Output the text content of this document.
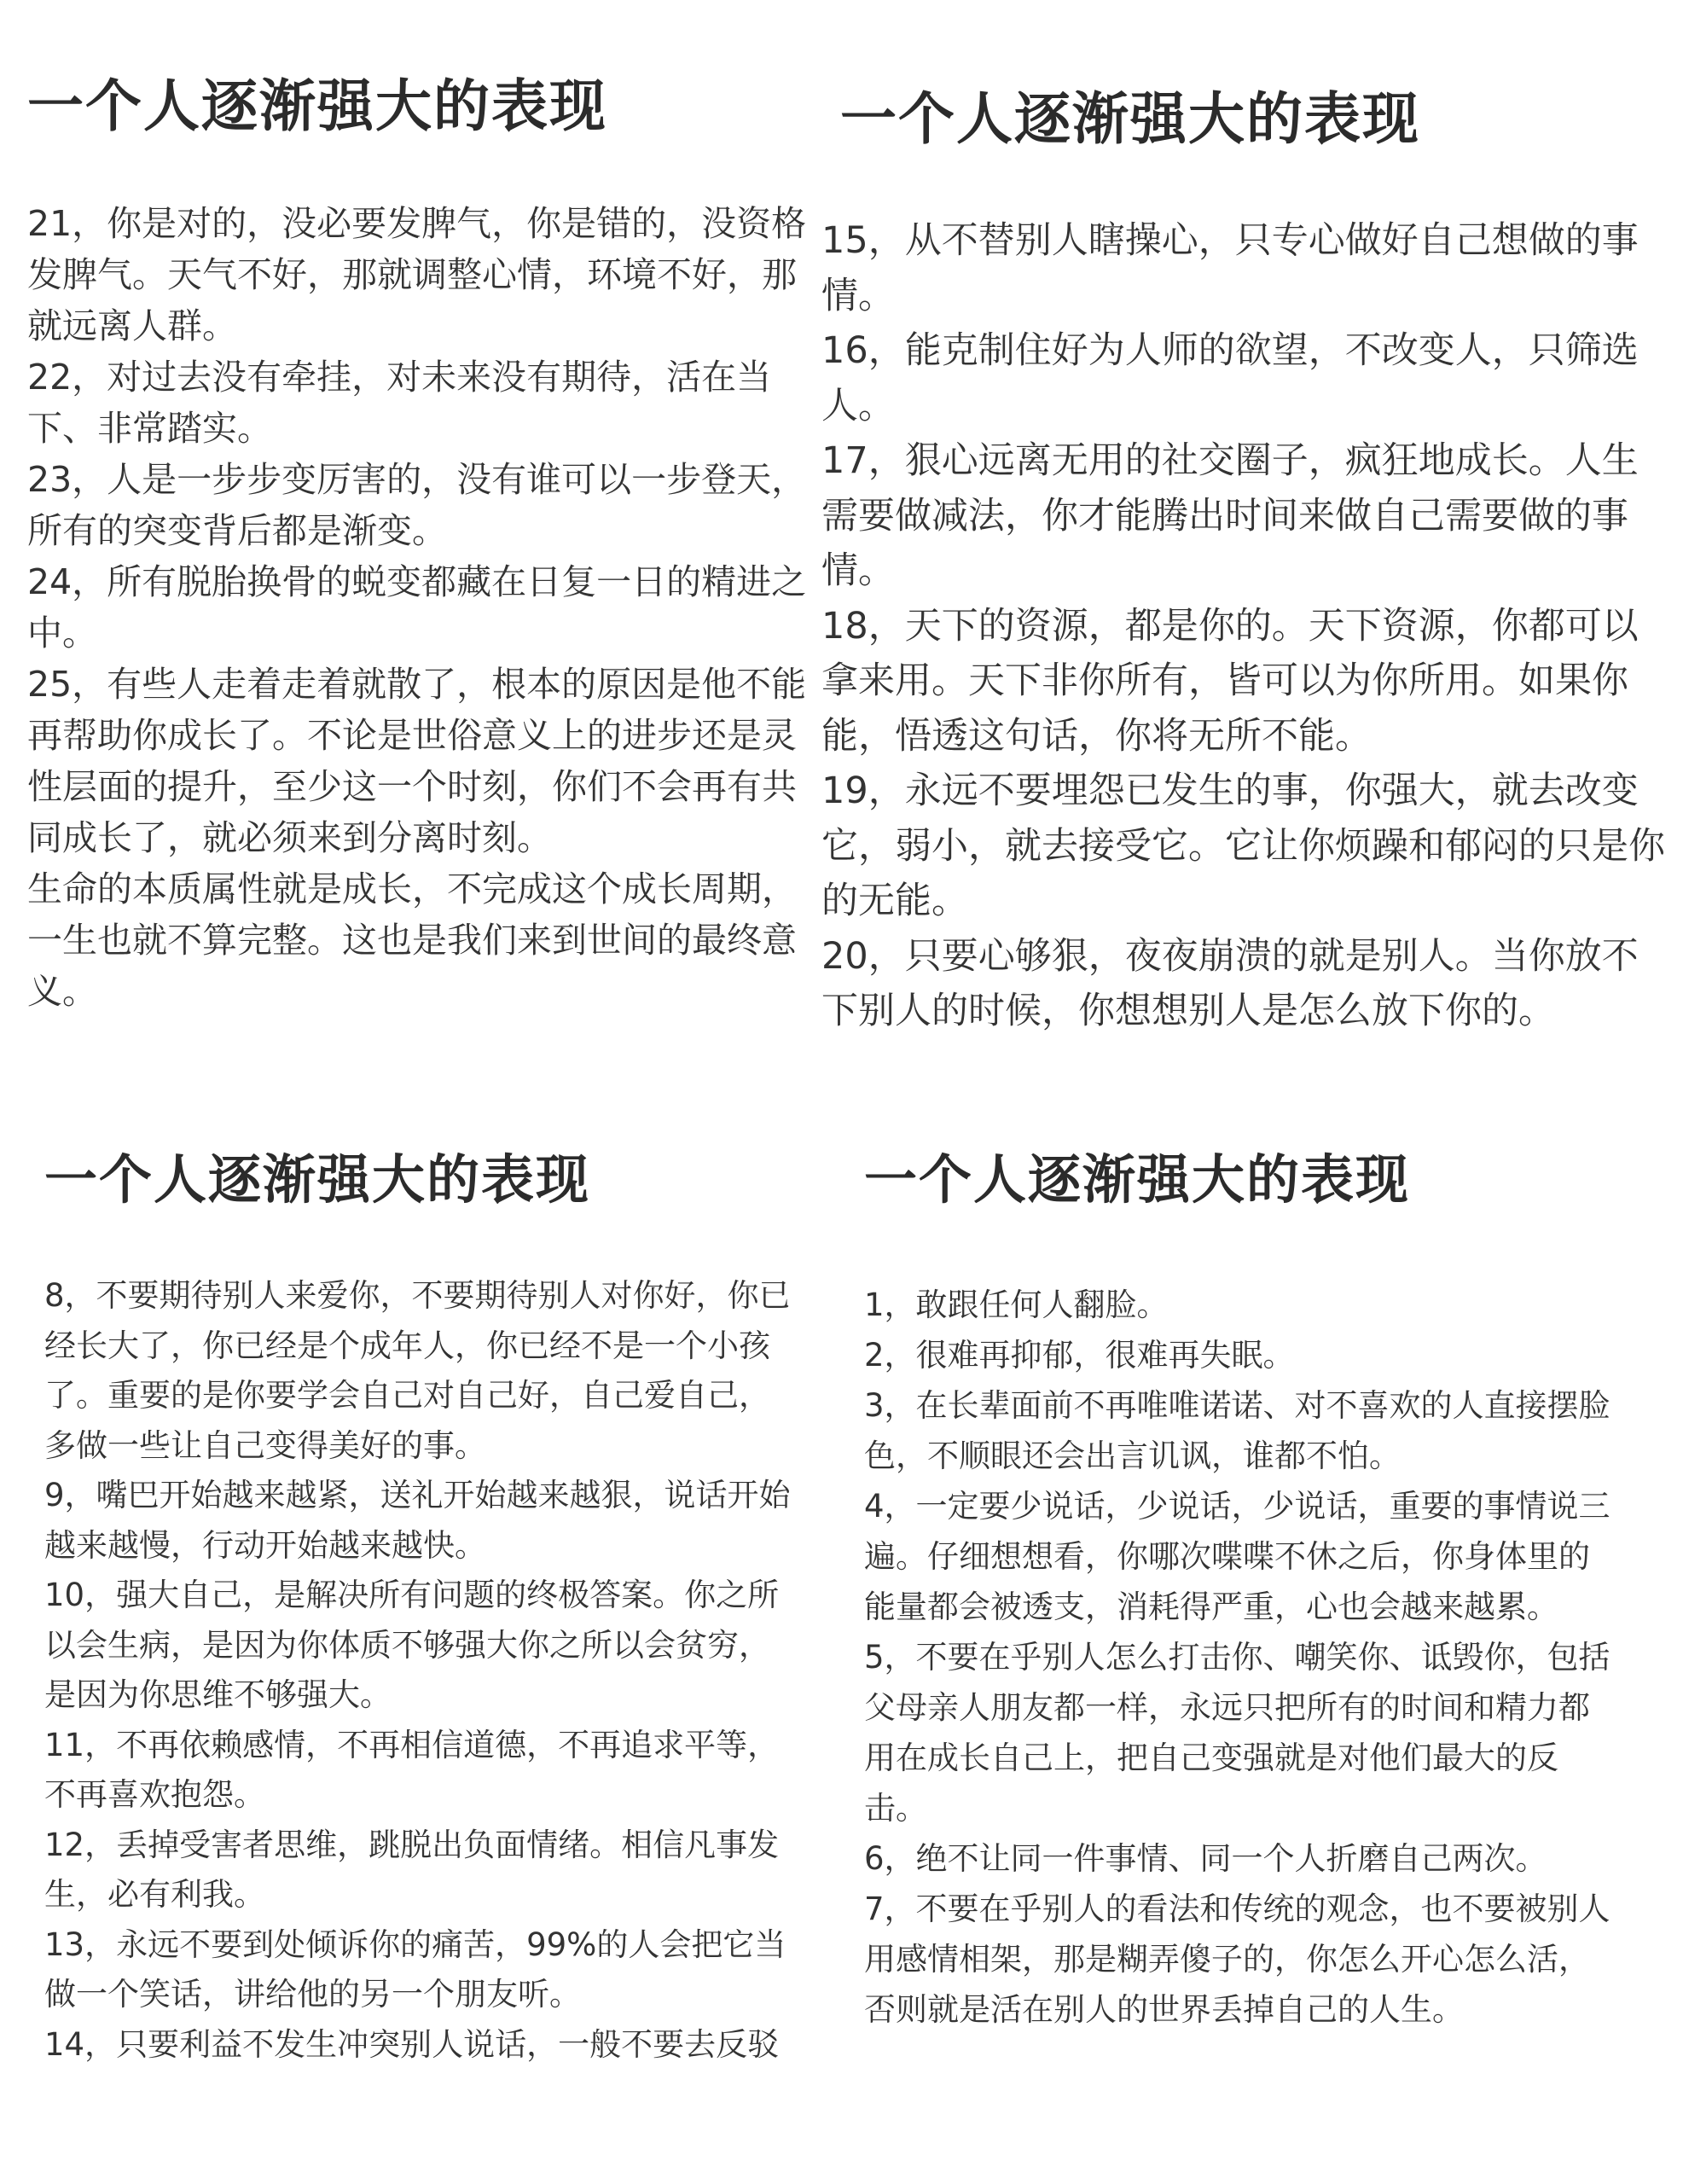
一个人逐渐强大的表现

21，你是对的，没必要发脾气，你是错的，没资格发脾气。天气不好，那就调整心情，环境不好，那就远离人群。

22，对过去没有牵挂，对未来没有期待，活在当下、非常踏实。

23，人是一步步变厉害的，没有谁可以一步登天，所有的突变背后都是渐变。

24，所有脱胎换骨的蜕变都藏在日复一日的精进之中。

25，有些人走着走着就散了，根本的原因是他不能再帮助你成长了。不论是世俗意义上的进步还是灵性层面的提升，至少这一个时刻，你们不会再有共同成长了，就必须来到分离时刻。

生命的本质属性就是成长，不完成这个成长周期，一生也就不算完整。这也是我们来到世间的最终意义。

一个人逐渐强大的表现

15，从不替别人瞎操心，只专心做好自己想做的事情。

16，能克制住好为人师的欲望，不改变人，只筛选人。

17，狠心远离无用的社交圈子，疯狂地成长。人生需要做减法，你才能腾出时间来做自己需要做的事情。

18，天下的资源，都是你的。天下资源，你都可以拿来用。天下非你所有，皆可以为你所用。如果你能，悟透这句话，你将无所不能。

19，永远不要埋怨已发生的事，你强大，就去改变它，弱小，就去接受它。它让你烦躁和郁闷的只是你的无能。

20，只要心够狠，夜夜崩溃的就是别人。当你放不下别人的时候，你想想别人是怎么放下你的。

一个人逐渐强大的表现

8，不要期待别人来爱你，不要期待别人对你好，你已经长大了，你已经是个成年人，你已经不是一个小孩了。重要的是你要学会自己对自己好，自己爱自己，多做一些让自己变得美好的事。

9，嘴巴开始越来越紧，送礼开始越来越狠，说话开始越来越慢，行动开始越来越快。

10，强大自己，是解决所有问题的终极答案。你之所以会生病，是因为你体质不够强大你之所以会贫穷，是因为你思维不够强大。

11，不再依赖感情，不再相信道德，不再追求平等，不再喜欢抱怨。

12，丢掉受害者思维，跳脱出负面情绪。相信凡事发生，必有利我。

13，永远不要到处倾诉你的痛苦，99%的人会把它当做一个笑话，讲给他的另一个朋友听。

14，只要利益不发生冲突别人说话，一般不要去反驳

一个人逐渐强大的表现

1，敢跟任何人翻脸。

2，很难再抑郁，很难再失眠。

3，在长辈面前不再唯唯诺诺、对不喜欢的人直接摆脸色，不顺眼还会出言讥讽，谁都不怕。

4，一定要少说话，少说话，少说话，重要的事情说三遍。仔细想想看，你哪次喋喋不休之后，你身体里的能量都会被透支，消耗得严重，心也会越来越累。

5，不要在乎别人怎么打击你、嘲笑你、诋毁你，包括父母亲人朋友都一样，永远只把所有的时间和精力都用在成长自己上，把自己变强就是对他们最大的反击。

6，绝不让同一件事情、同一个人折磨自己两次。

7，不要在乎别人的看法和传统的观念，也不要被别人用感情相架，那是糊弄傻子的，你怎么开心怎么活，否则就是活在别人的世界丢掉自己的人生。
